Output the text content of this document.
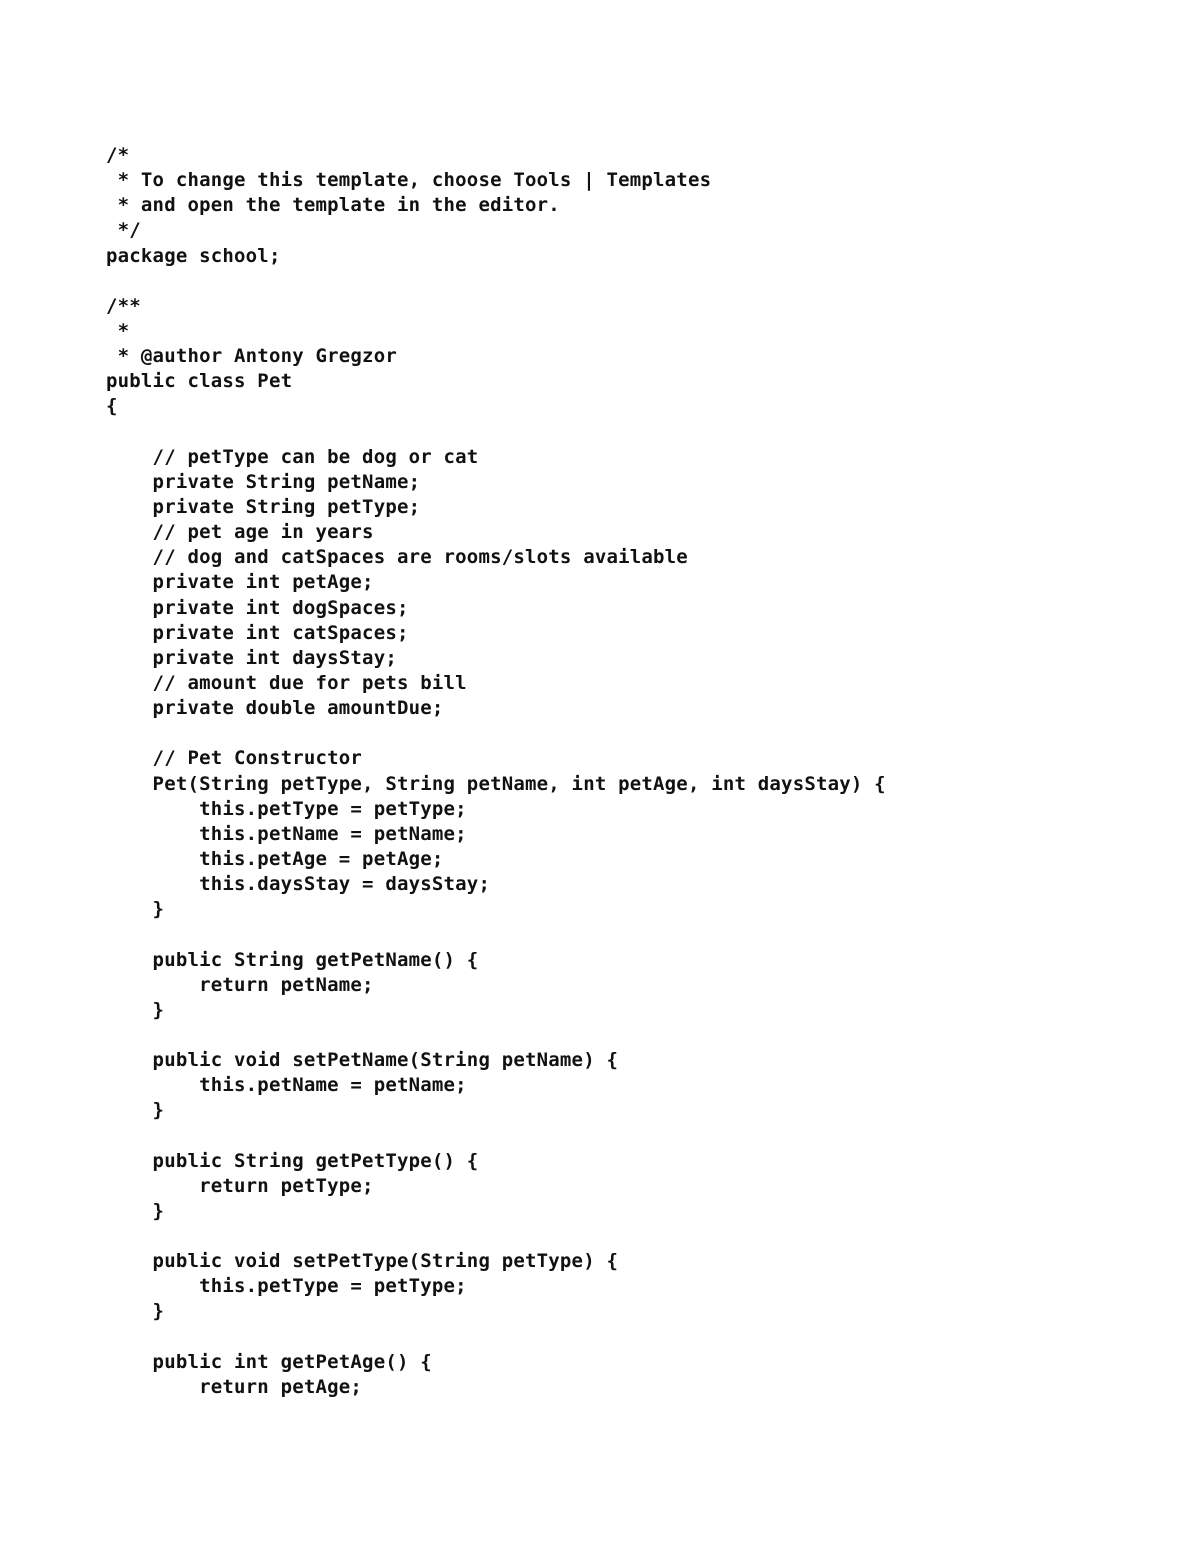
/*
* To change this template, choose Tools | Templates
* and open the template in the editor.
*/
package school;
/**
*
* @author Antony Gregzor
public class Pet
{
// petType can be dog or cat
private String petName;
private String petType;
// pet age in years
// dog and catSpaces are rooms/slots available
private int petAge;
private int dogSpaces;
private int catSpaces;
private int daysStay;
// amount due for pets bill
private double amountDue;
// Pet Constructor
Pet(String petType, String petName, int petAge, int daysStay) {
this.petType = petType;
this.petName = petName;
this.petAge = petAge;
this.daysStay = daysStay;
}
public String getPetName() {
return petName;
}
public void setPetName(String petName) {
this.petName = petName;
}
public String getPetType() {
return petType;
}
public void setPetType(String petType) {
this.petType = petType;
}
public int getPetAge() {
return petAge;
